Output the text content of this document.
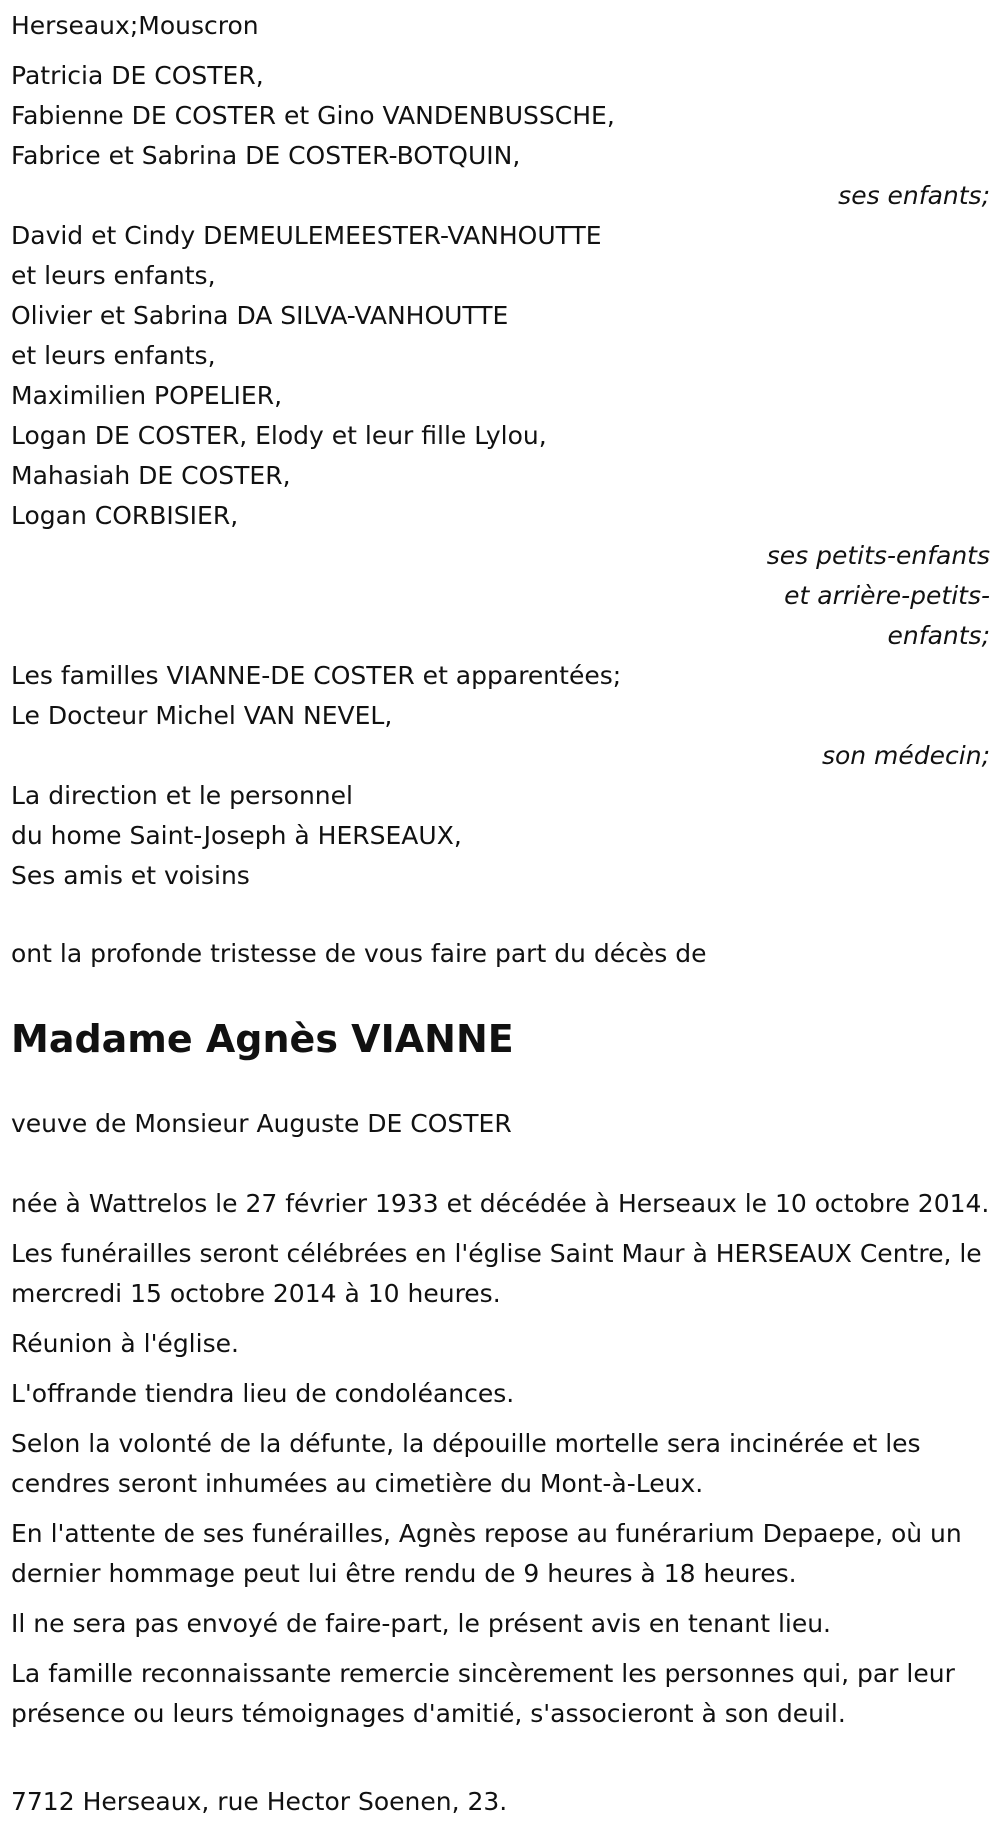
Herseaux;Mouscron
Patricia DE COSTER,
Fabienne DE COSTER et Gino VANDENBUSSCHE,
Fabrice et Sabrina DE COSTER-BOTQUIN,
ses enfants;
David et Cindy DEMEULEMEESTER-VANHOUTTE
et leurs enfants,
Olivier et Sabrina DA SILVA-VANHOUTTE
et leurs enfants,
Maximilien POPELIER,
Logan DE COSTER, Elody et leur fille Lylou,
Mahasiah DE COSTER,
Logan CORBISIER,
ses petits-enfants
et arrière-petits-
enfants;
Les familles VIANNE-DE COSTER et apparentées;
Le Docteur Michel VAN NEVEL,
son médecin;
La direction et le personnel
du home Saint-Joseph à HERSEAUX,
Ses amis et voisins
ont la profonde tristesse de vous faire part du décès de
Madame Agnès VIANNE
veuve de Monsieur Auguste DE COSTER
née à Wattrelos le 27 février 1933 et décédée à Herseaux le 10 octobre 2014.
Les funérailles seront célébrées en l'église Saint Maur à HERSEAUX Centre, le mercredi 15 octobre 2014 à 10 heures.
Réunion à l'église.
L'offrande tiendra lieu de condoléances.
Selon la volonté de la défunte, la dépouille mortelle sera incinérée et les cendres seront inhumées au cimetière du Mont-à-Leux.
En l'attente de ses funérailles, Agnès repose au funérarium Depaepe, où un dernier hommage peut lui être rendu de 9 heures à 18 heures.
Il ne sera pas envoyé de faire-part, le présent avis en tenant lieu.
La famille reconnaissante remercie sincèrement les personnes qui, par leur présence ou leurs témoignages d'amitié, s'associeront à son deuil.
7712 Herseaux, rue Hector Soenen, 23.
